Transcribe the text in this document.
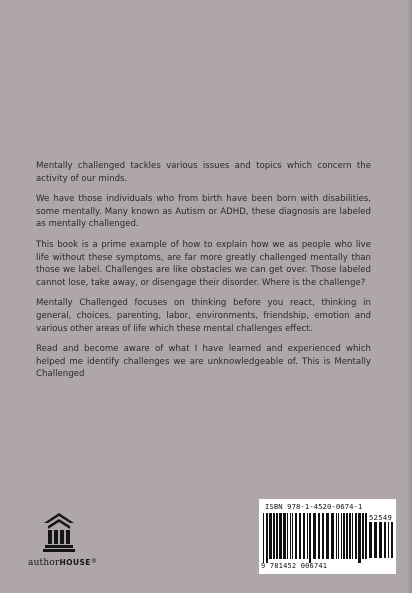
Mentally challenged tackles various issues and topics which concern the activity of our minds.

We have those individuals who from birth have been born with disabilities, some mentally. Many known as Autism or ADHD, these diagnosis are labeled as mentally challenged.

This book is a prime example of how to explain how we as people who live life without these symptoms, are far more greatly challenged mentally than those we label. Challenges are like obstacles we can get over. Those labeled cannot lose, take away, or disengage their disorder. Where is the challenge?

Mentally Challenged focuses on thinking before you react, thinking in general, choices, parenting, labor, environments, friendship, emotion and various other areas of life which these mental challenges effect.

Read and become aware of what I have learned and experienced which helped me identify challenges we are unknowledgeable of. This is Mentally Challenged

authorHOUSE®
ISBN 978-1-4520-0674-1
52549
9 781452 006741
